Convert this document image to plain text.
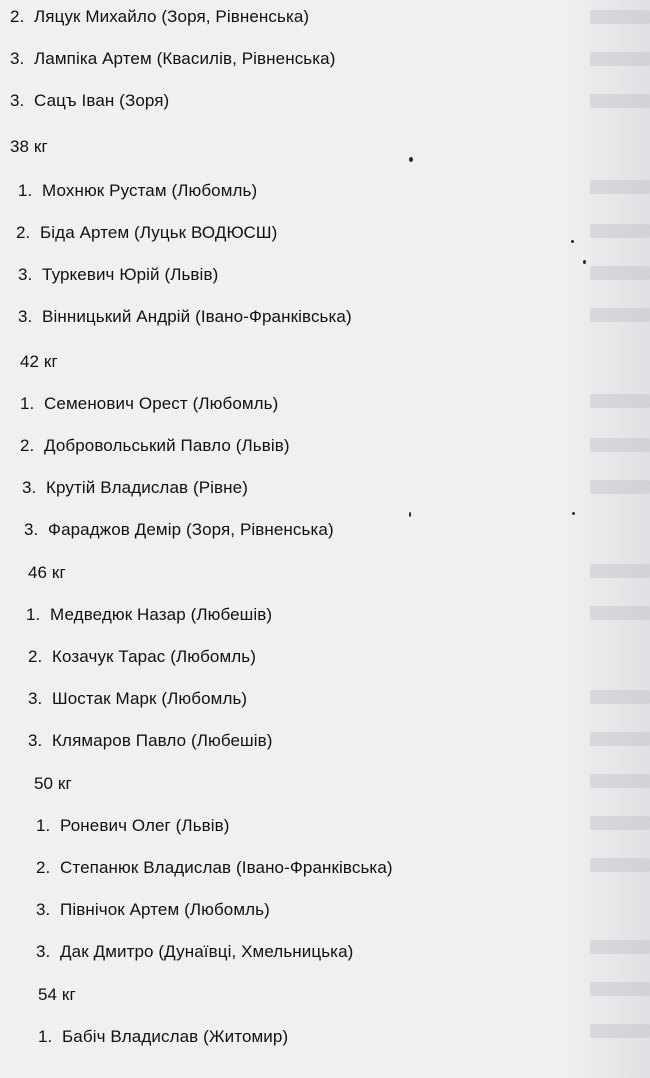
2. Ляцук Михайло (Зоря, Рівненська)
3. Лампіка Артем (Квасилів, Рівненська)
3. Сацъ Іван (Зоря)
38 кг
1. Мохнюк Рустам (Любомль)
2. Біда Артем (Луцьк ВОДЮСШ)
3. Туркевич Юрій (Львів)
3. Вінницький Андрій (Івано-Франківська)
42 кг
1. Семенович Орест (Любомль)
2. Добровольський Павло (Львів)
3. Крутій Владислав (Рівне)
3. Фараджов Демір (Зоря, Рівненська)
46 кг
1. Медведюк Назар (Любешів)
2. Козачук Тарас (Любомль)
3. Шостак Марк (Любомль)
3. Клямаров Павло (Любешів)
50 кг
1. Роневич Олег (Львів)
2. Степанюк Владислав (Івано-Франківська)
3. Північок Артем (Любомль)
3. Дак Дмитро (Дунаївці, Хмельницька)
54 кг
1. Бабіч Владислав (Житомир)
